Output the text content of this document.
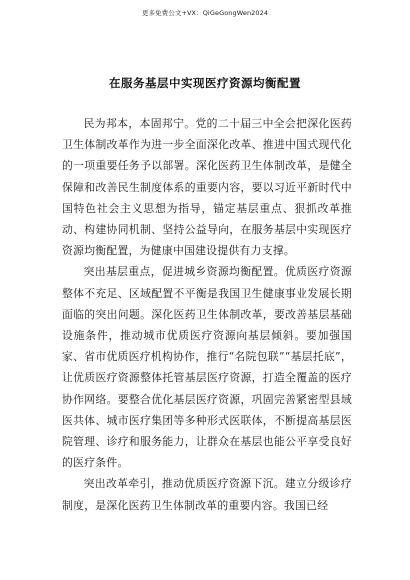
更多免费公文+VX：QiGeGongWen2024
在服务基层中实现医疗资源均衡配置

民为邦本，本固邦宁。党的二十届三中全会把深化医药卫生体制改革作为进一步全面深化改革、推进中国式现代化的一项重要任务予以部署。深化医药卫生体制改革，是健全保障和改善民生制度体系的重要内容，要以习近平新时代中国特色社会主义思想为指导，锚定基层重点、狠抓改革推动、构建协同机制、坚持公益导向，在服务基层中实现医疗资源均衡配置，为健康中国建设提供有力支撑。

突出基层重点，促进城乡资源均衡配置。优质医疗资源整体不充足、区域配置不平衡是我国卫生健康事业发展长期面临的突出问题。深化医药卫生体制改革，要改善基层基础设施条件，推动城市优质医疗资源向基层倾斜。要加强国家、省市优质医疗机构协作，推行“名院包联”“基层托底”，让优质医疗资源整体托管基层医疗资源，打造全覆盖的医疗协作网络。要整合优化基层医疗资源，巩固完善紧密型县域医共体、城市医疗集团等多种形式医联体，不断提高基层医院管理、诊疗和服务能力，让群众在基层也能公平享受良好的医疗条件。

突出改革牵引，推动优质医疗资源下沉。建立分级诊疗制度，是深化医药卫生体制改革的重要内容。我国已经
